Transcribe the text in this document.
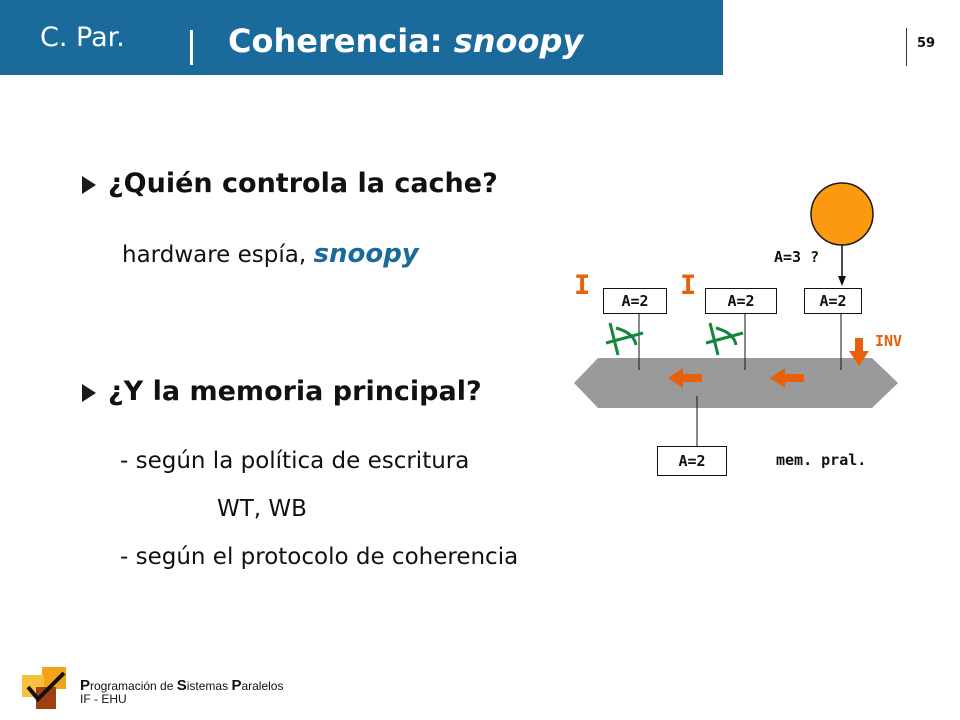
C. Par.	Coherencia: snoopy	59
¿Quién controla la cache?
hardware espía, snoopy
¿Y la memoria principal?
- según la política de escritura
WT, WB
- según el protocolo de coherencia
A=3 ?
I	I
A=2	A=2	A=2
INV
A=2	mem. pral.
Programación de Sistemas Paralelos
IF - EHU
